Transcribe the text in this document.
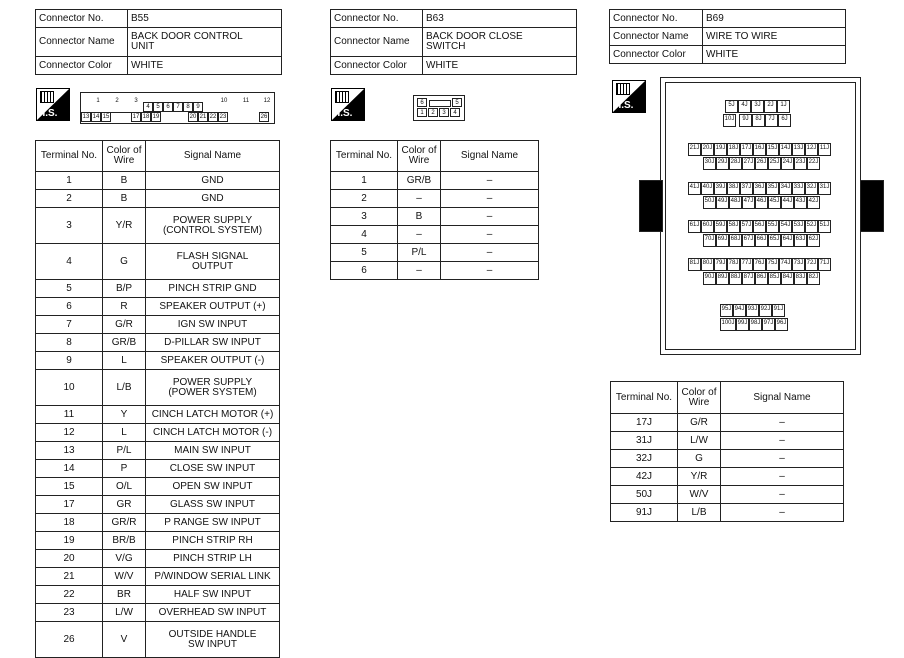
Connector No.	B55
Connector Name	BACK DOOR CONTROL UNIT
Connector Color	WHITE
H.S.
1	2	3	10	11	12
4	5	6	7	8	9
13 14 15	17 18 19	20 21 22 23	26
Terminal No.	Color of Wire	Signal Name
1	B	GND
2	B	GND
3	Y/R	POWER SUPPLY (CONTROL SYSTEM)
4	G	FLASH SIGNAL OUTPUT
5	B/P	PINCH STRIP GND
6	R	SPEAKER OUTPUT (+)
7	G/R	IGN SW INPUT
8	GR/B	D-PILLAR SW INPUT
9	L	SPEAKER OUTPUT (-)
10	L/B	POWER SUPPLY (POWER SYSTEM)
11	Y	CINCH LATCH MOTOR (+)
12	L	CINCH LATCH MOTOR (-)
13	P/L	MAIN SW INPUT
14	P	CLOSE SW INPUT
15	O/L	OPEN SW INPUT
17	GR	GLASS SW INPUT
18	GR/R	P RANGE SW INPUT
19	BR/B	PINCH STRIP RH
20	V/G	PINCH STRIP LH
21	W/V	P/WINDOW SERIAL LINK
22	BR	HALF SW INPUT
23	L/W	OVERHEAD SW INPUT
26	V	OUTSIDE HANDLE SW INPUT
Connector No.	B63
Connector Name	BACK DOOR CLOSE SWITCH
Connector Color	WHITE
H.S.
6	5
1	2	3	4
Terminal No.	Color of Wire	Signal Name
1	GR/B	–
2	–	–
3	B	–
4	–	–
5	P/L	–
6	–	–
Connector No.	B69
Connector Name	WIRE TO WIRE
Connector Color	WHITE
H.S.	5J	4J	3J	2J	1J
10J	9J	8J	7J	6J
21J 20J 19J 18J 17J 16J 15J 14J 13J 12J 11J
30J 29J 28J 27J 26J 25J 24J 23J 22J
41J 40J 39J 38J 37J 36J 35J 34J 33J 32J 31J
50J 49J 48J 47J 46J 45J 44J 43J 42J
61J 60J 59J 58J 57J 56J 55J 54J 53J 52J 51J
70J 69J 68J 67J 66J 65J 64J 63J 62J
81J 80J 79J 78J 77J 76J 75J 74J 73J 72J 71J
90J 89J 88J 87J 86J 85J 84J 83J 82J
95J 94J 93J 92J 91J
100J 99J 98J 97J 96J
Terminal No.	Color of Wire	Signal Name
17J	G/R	–
31J	L/W	–
32J	G	–
42J	Y/R	–
50J	W/V	–
91J	L/B	–
